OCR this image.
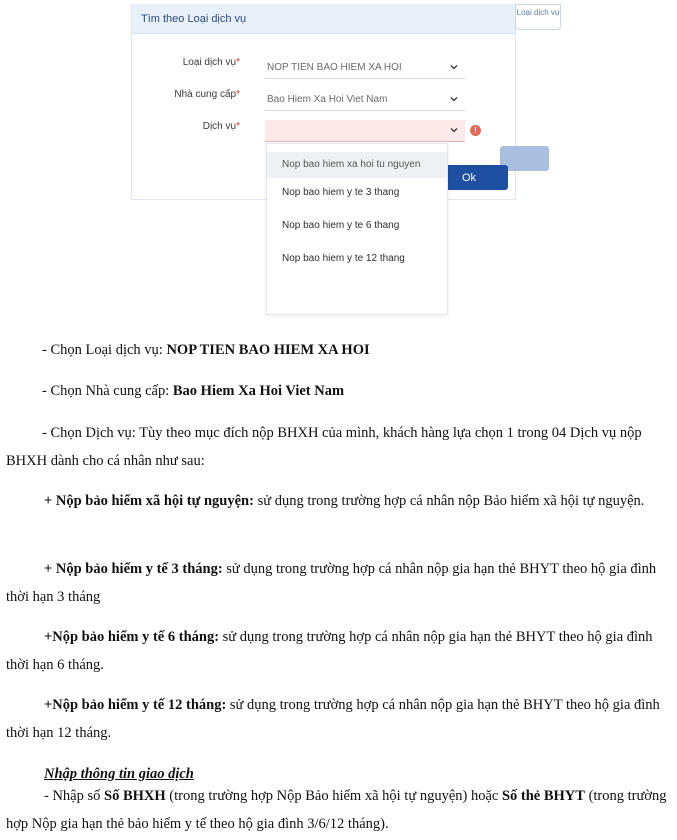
Tìm theo Loại dịch vụ
Loại dịch vụ
Loại dịch vụ*	NOP TIEN BAO HIEM XA HOI
Nhà cung cấp*	Bao Hiem Xa Hoi Viet Nam
Dịch vụ*	!
Ok
Nop bao hiem xa hoi tu nguyen
Nop bao hiem y te 3 thang
Nop bao hiem y te 6 thang
Nop bao hiem y te 12 thang

- Chọn Loại dịch vụ: NOP TIEN BAO HIEM XA HOI

- Chọn Nhà cung cấp: Bao Hiem Xa Hoi Viet Nam

- Chọn Dịch vụ: Tùy theo mục đích nộp BHXH của mình, khách hàng lựa chọn 1 trong 04 Dịch vụ nộp BHXH dành cho cá nhân như sau:

+ Nộp bảo hiểm xã hội tự nguyện: sử dụng trong trường hợp cá nhân nộp Bảo hiểm xã hội tự nguyện.

+ Nộp bảo hiểm y tế 3 tháng: sử dụng trong trường hợp cá nhân nộp gia hạn thẻ BHYT theo hộ gia đình thời hạn 3 tháng

+Nộp bảo hiểm y tế 6 tháng: sử dụng trong trường hợp cá nhân nộp gia hạn thẻ BHYT theo hộ gia đình thời hạn 6 tháng.

+Nộp bảo hiểm y tế 12 tháng: sử dụng trong trường hợp cá nhân nộp gia hạn thẻ BHYT theo hộ gia đình thời hạn 12 tháng.

Nhập thông tin giao dịch

- Nhập số Số BHXH (trong trường hợp Nộp Bảo hiểm xã hội tự nguyện) hoặc Số thẻ BHYT (trong trường hợp Nộp gia hạn thẻ bảo hiểm y tế theo hộ gia đình 3/6/12 tháng).
